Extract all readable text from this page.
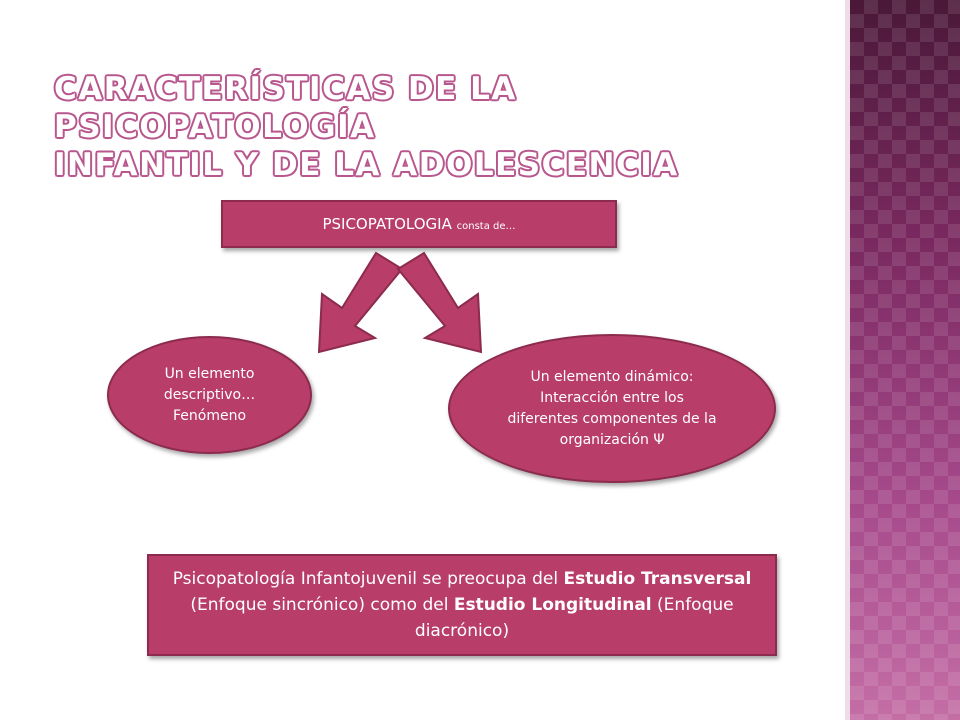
CARACTERÍSTICAS DE LA PSICOPATOLOGÍA
INFANTIL Y DE LA ADOLESCENCIA
PSICOPATOLOGIA consta de…
Un elemento descriptivo… Fenómeno
Un elemento dinámico: Interacción entre los diferentes componentes de la organización Ψ
Psicopatología Infantojuvenil se preocupa del Estudio Transversal (Enfoque sincrónico) como del Estudio Longitudinal (Enfoque diacrónico)
